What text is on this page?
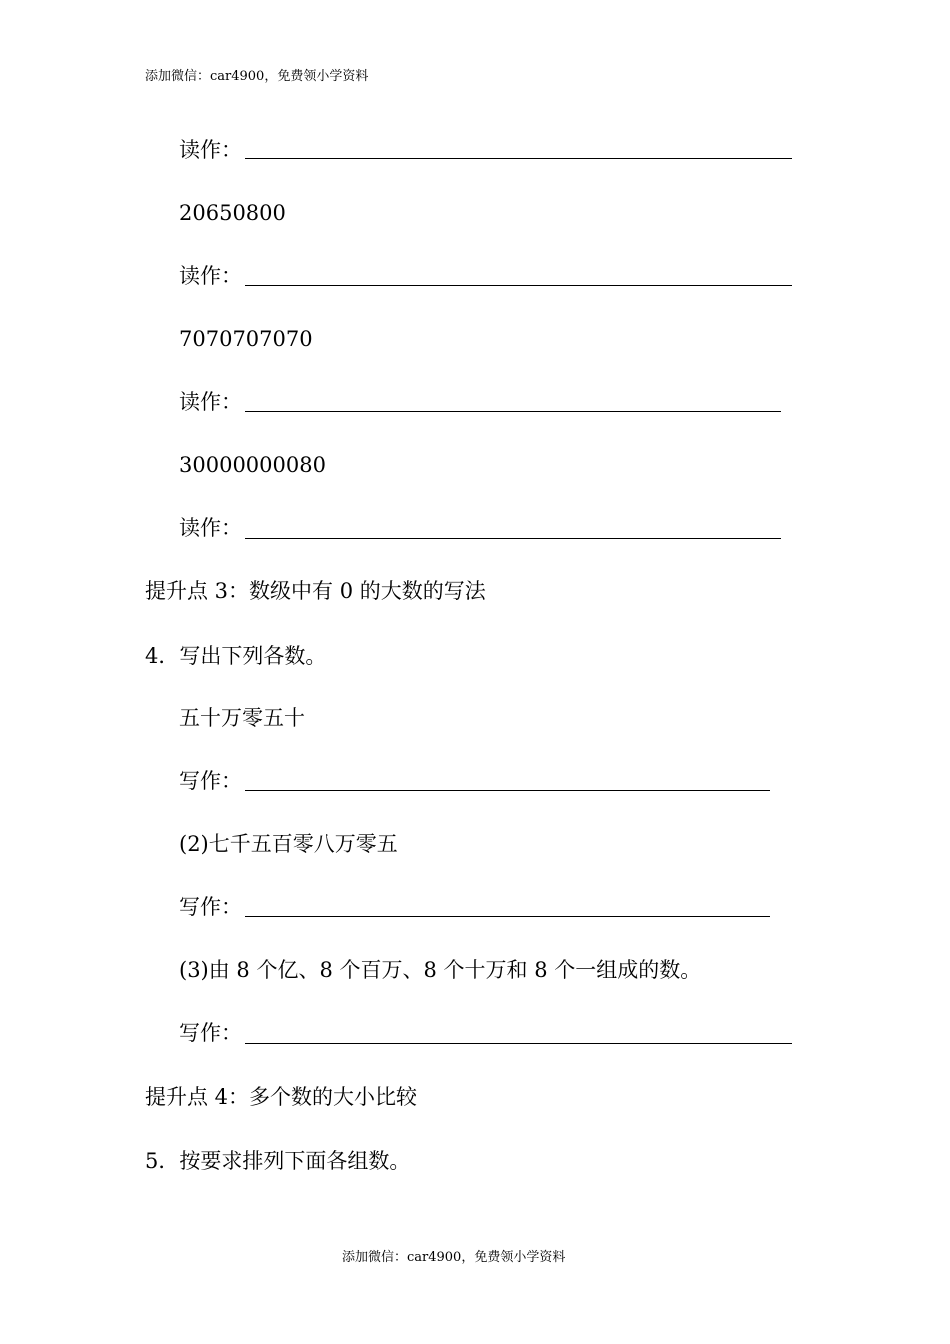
添加微信：car4900，免费领小学资料
读作：
20650800
读作：
7070707070
读作：
30000000080
读作：
提升点 3：数级中有 0 的大数的写法
4．写出下列各数。
五十万零五十
写作：
(2)七千五百零八万零五
写作：
(3)由 8 个亿、8 个百万、8 个十万和 8 个一组成的数。
写作：
提升点 4：多个数的大小比较
5．按要求排列下面各组数。
添加微信：car4900，免费领小学资料
